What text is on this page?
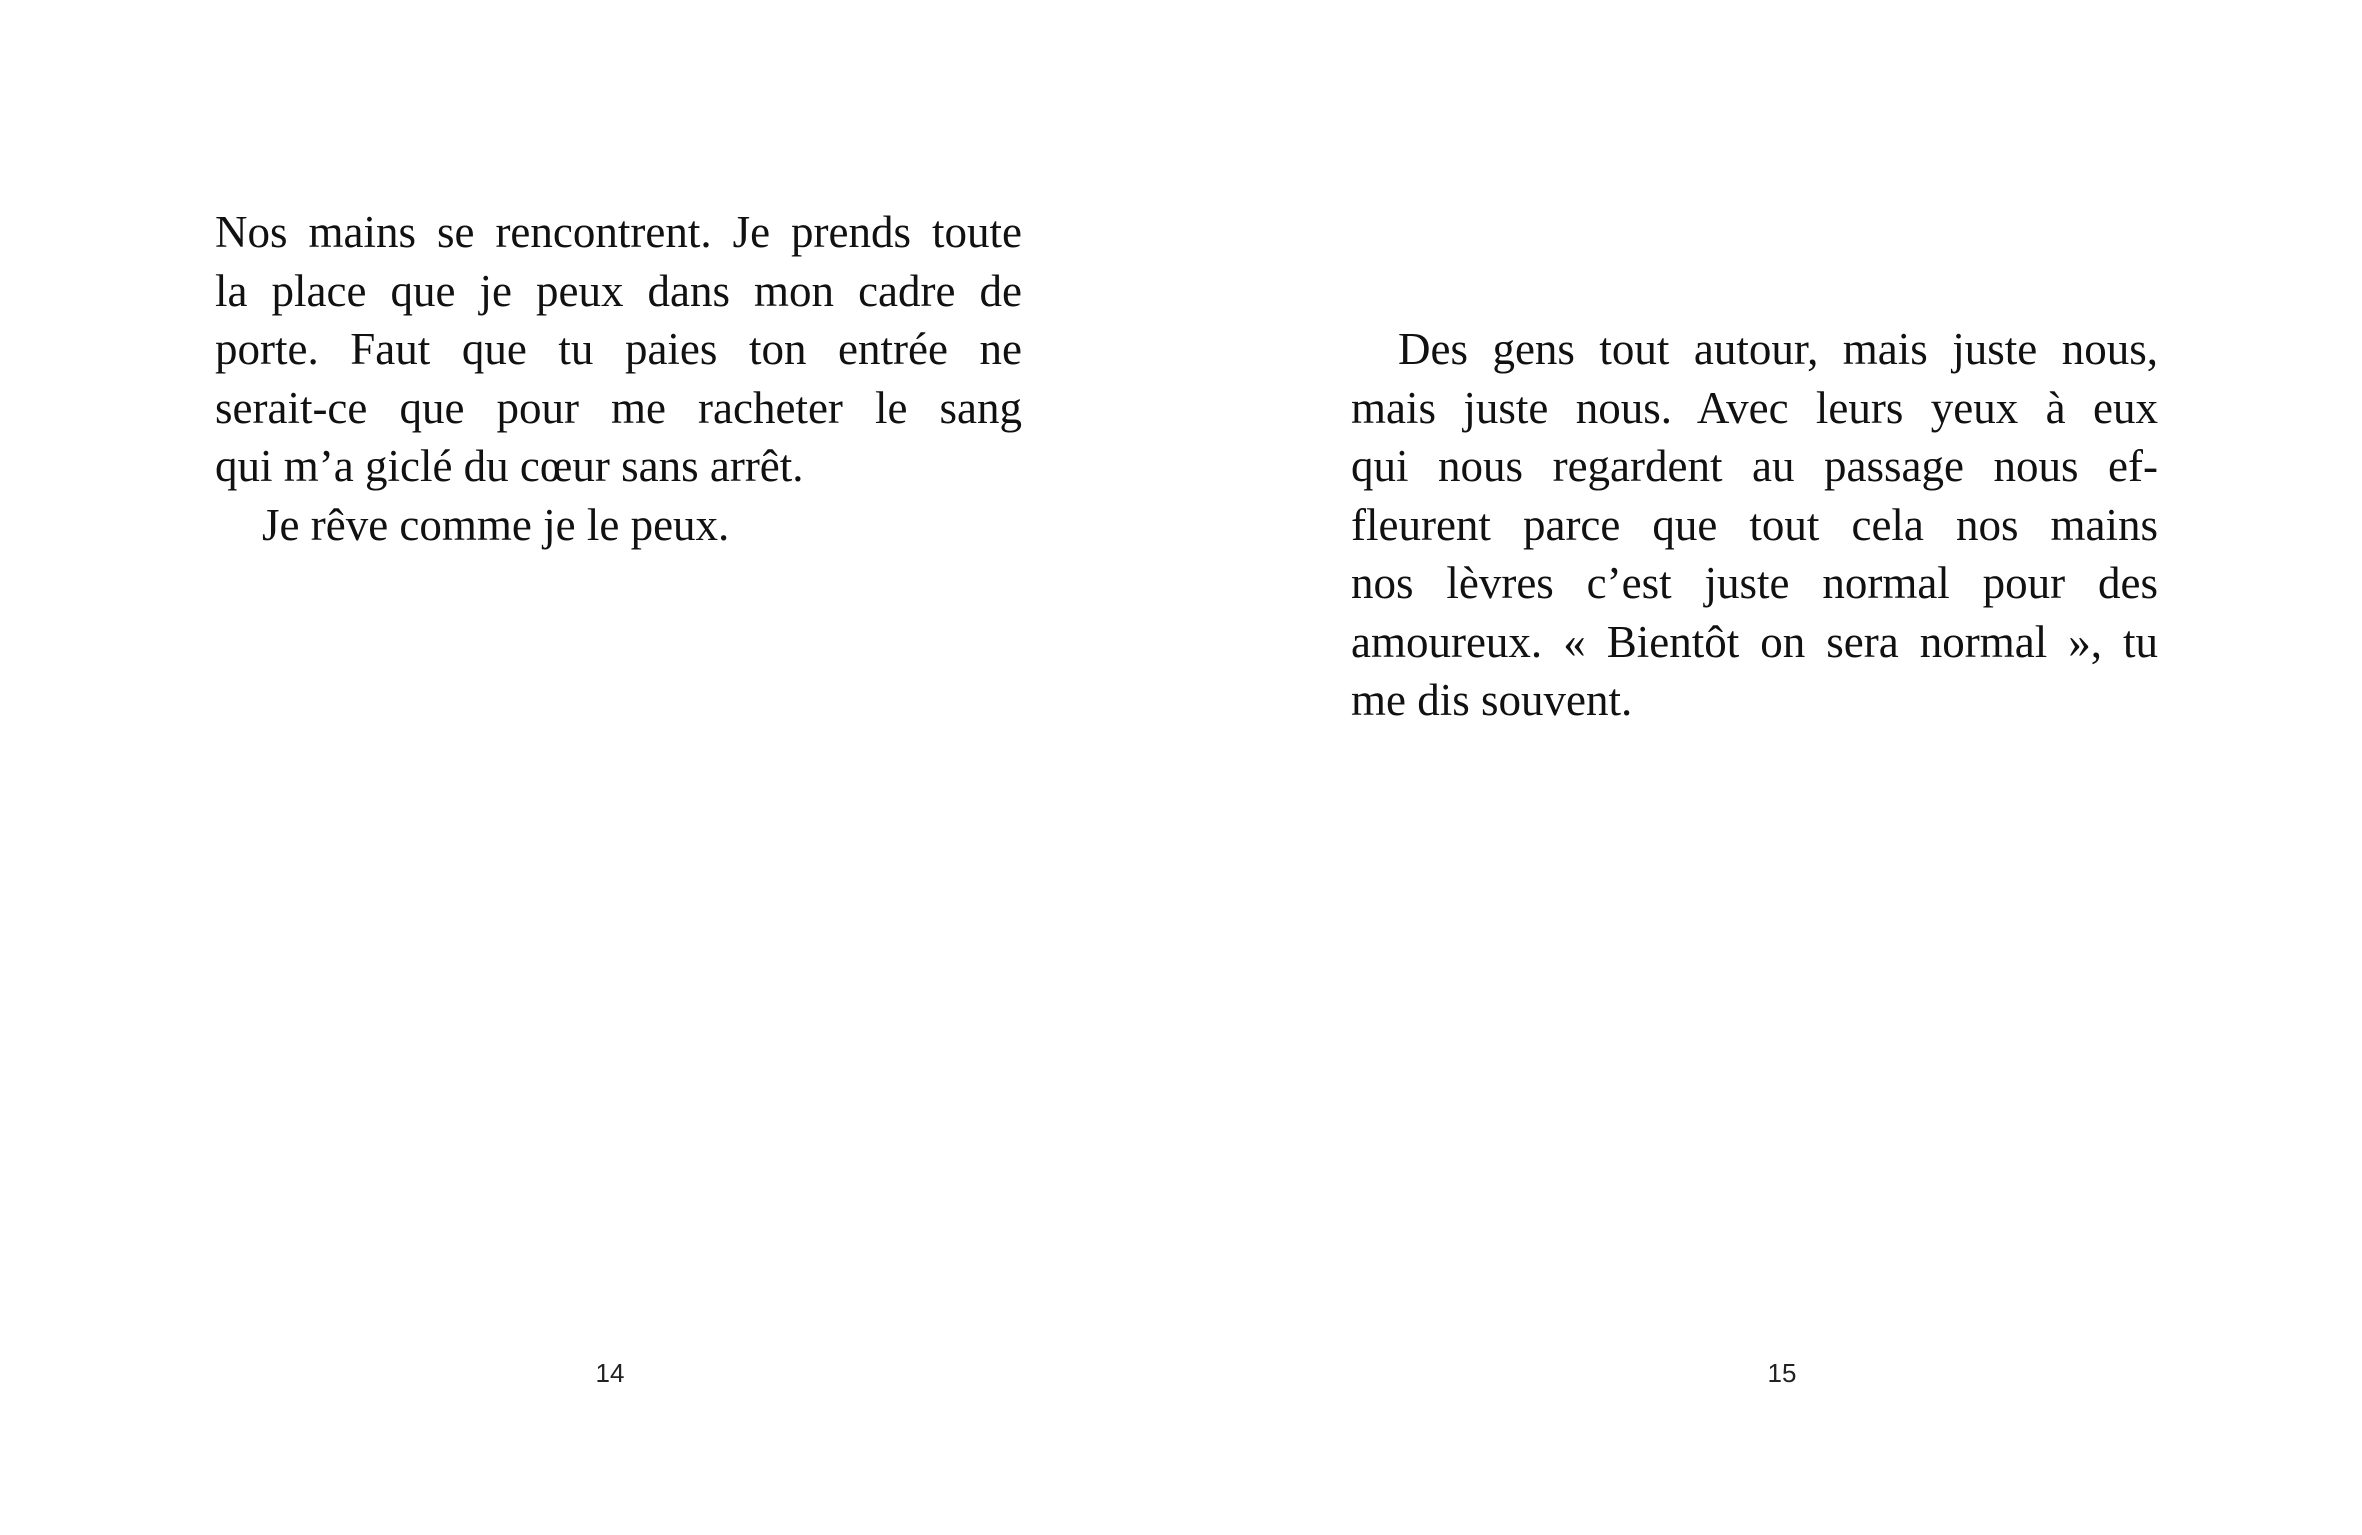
Nos mains se rencontrent. Je prends toute
la place que je peux dans mon cadre de
porte. Faut que tu paies ton entrée ne
serait-ce que pour me racheter le sang
qui m’a giclé du cœur sans arrêt.
Je rêve comme je le peux.
14
Des gens tout autour, mais juste nous,
mais juste nous. Avec leurs yeux à eux
qui nous regardent au passage nous ef-
fleurent parce que tout cela nos mains
nos lèvres c’est juste normal pour des
amoureux. « Bientôt on sera normal », tu
me dis souvent.
15
